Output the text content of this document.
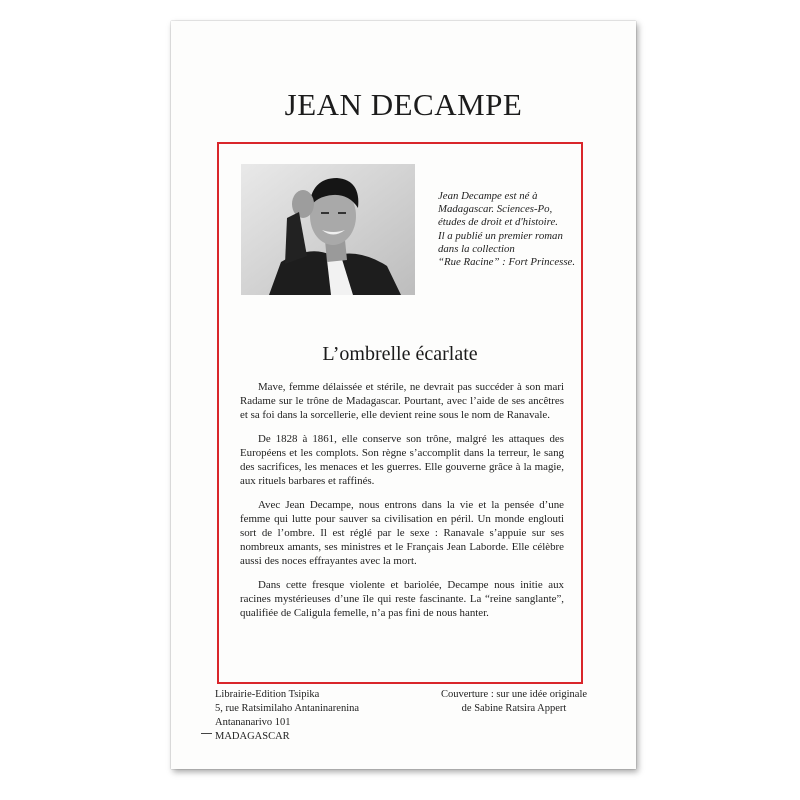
JEAN DECAMPE
Jean Decampe est né à
Madagascar. Sciences-Po,
études de droit et d'histoire.
Il a publié un premier roman
dans la collection
“Rue Racine” : Fort Princesse.
L’ombrelle écarlate

Mave, femme délaissée et stérile, ne devrait pas succéder à son mari Radame sur le trône de Madagascar. Pourtant, avec l’aide de ses ancêtres et sa foi dans la sorcellerie, elle devient reine sous le nom de Ranavale.

De 1828 à 1861, elle conserve son trône, malgré les attaques des Européens et les complots. Son règne s’accomplit dans la terreur, le sang des sacrifices, les menaces et les guerres. Elle gouverne grâce à la magie, aux rituels barbares et raffinés.

Avec Jean Decampe, nous entrons dans la vie et la pensée d’une femme qui lutte pour sauver sa civilisation en péril. Un monde englouti sort de l’ombre. Il est réglé par le sexe : Ranavale s’appuie sur ses nombreux amants, ses ministres et le Français Jean Laborde. Elle célèbre aussi des noces effrayantes avec la mort.

Dans cette fresque violente et bariolée, Decampe nous initie aux racines mystérieuses d’une île qui reste fascinante. La “reine sanglante”, qualifiée de Caligula femelle, n’a pas fini de nous hanter.

Librairie-Edition Tsipika
5, rue Ratsimilaho Antaninarenina
Antananarivo 101
MADAGASCAR
Couverture : sur une idée originale
de Sabine Ratsira Appert
